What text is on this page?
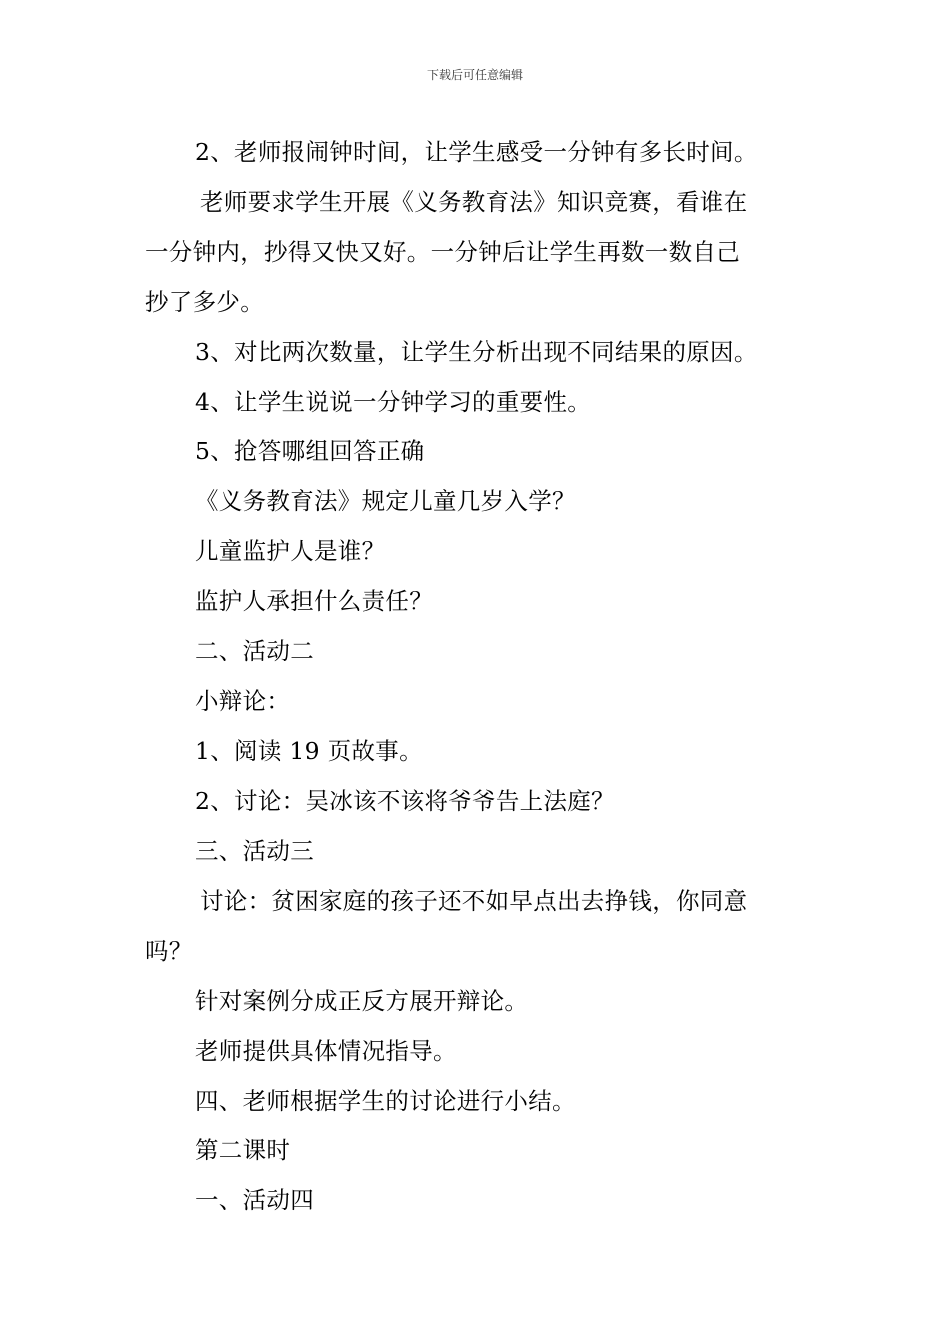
下载后可任意编辑
2、老师报闹钟时间，让学生感受一分钟有多长时间。
老师要求学生开展《义务教育法》知识竞赛，看谁在
一分钟内，抄得又快又好。一分钟后让学生再数一数自己
抄了多少。
3、对比两次数量，让学生分析出现不同结果的原因。
4、让学生说说一分钟学习的重要性。
5、抢答哪组回答正确
《义务教育法》规定儿童几岁入学？
儿童监护人是谁？
监护人承担什么责任？
二、活动二
小辩论：
1、阅读 19 页故事。
2、讨论：吴冰该不该将爷爷告上法庭？
三、活动三
讨论：贫困家庭的孩子还不如早点出去挣钱，你同意
吗？
针对案例分成正反方展开辩论。
老师提供具体情况指导。
四、老师根据学生的讨论进行小结。
第二课时
一、活动四
